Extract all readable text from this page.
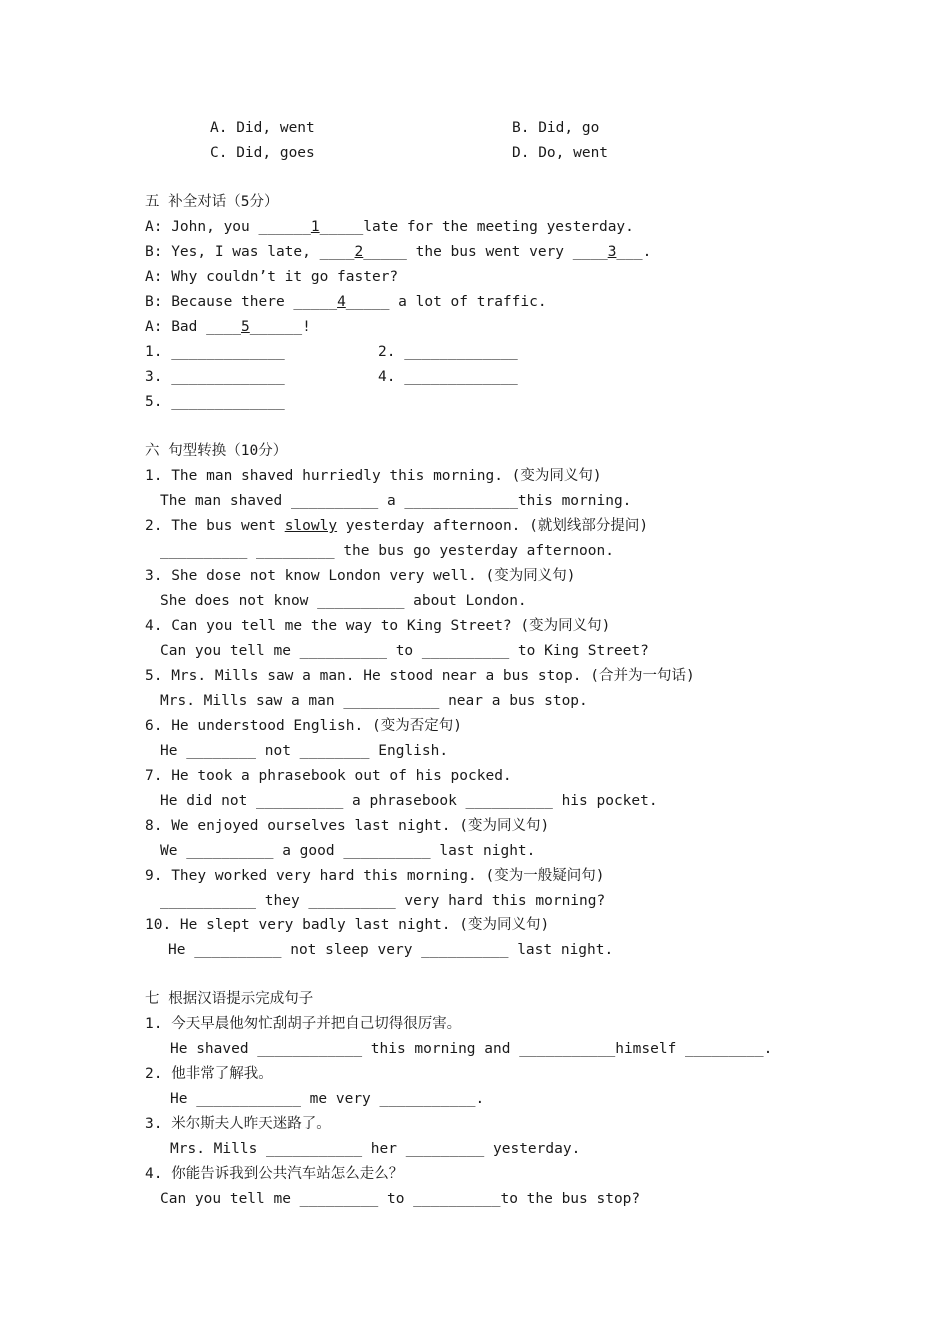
A. Did, went	B. Did, go
C. Did, goes	D. Do, went
五 补全对话（5分）
A: John, you ______1_____late for the meeting yesterday.
B: Yes, I was late, ____2_____ the bus went very ____3___.
A: Why couldn’t it go faster?
B: Because there _____4_____ a lot of traffic.
A: Bad ____5______!
1. _____________	2. _____________
3. _____________	4. _____________
5. _____________
六 句型转换（10分）
1. The man shaved hurriedly this morning. (变为同义句)
The man shaved __________ a _____________this morning.
2. The bus went slowly yesterday afternoon. (就划线部分提问)
__________ _________ the bus go yesterday afternoon.
3. She dose not know London very well. (变为同义句)
She does not know __________ about London.
4. Can you tell me the way to King Street? (变为同义句)
Can you tell me __________ to __________ to King Street?
5. Mrs. Mills saw a man. He stood near a bus stop. (合并为一句话)
Mrs. Mills saw a man ___________ near a bus stop.
6. He understood English. (变为否定句)
He ________ not ________ English.
7. He took a phrasebook out of his pocked.
He did not __________ a phrasebook __________ his pocket.
8. We enjoyed ourselves last night. (变为同义句)
We __________ a good __________ last night.
9. They worked very hard this morning. (变为一般疑问句)
___________ they __________ very hard this morning?
10. He slept very badly last night. (变为同义句)
He __________ not sleep very __________ last night.
七 根据汉语提示完成句子
1. 今天早晨他匆忙刮胡子并把自己切得很厉害。
He shaved ____________ this morning and ___________himself _________.
2. 他非常了解我。
He ____________ me very ___________.
3. 米尔斯夫人昨天迷路了。
Mrs. Mills ___________ her _________ yesterday.
4. 你能告诉我到公共汽车站怎么走么？
Can you tell me _________ to __________to the bus stop?
